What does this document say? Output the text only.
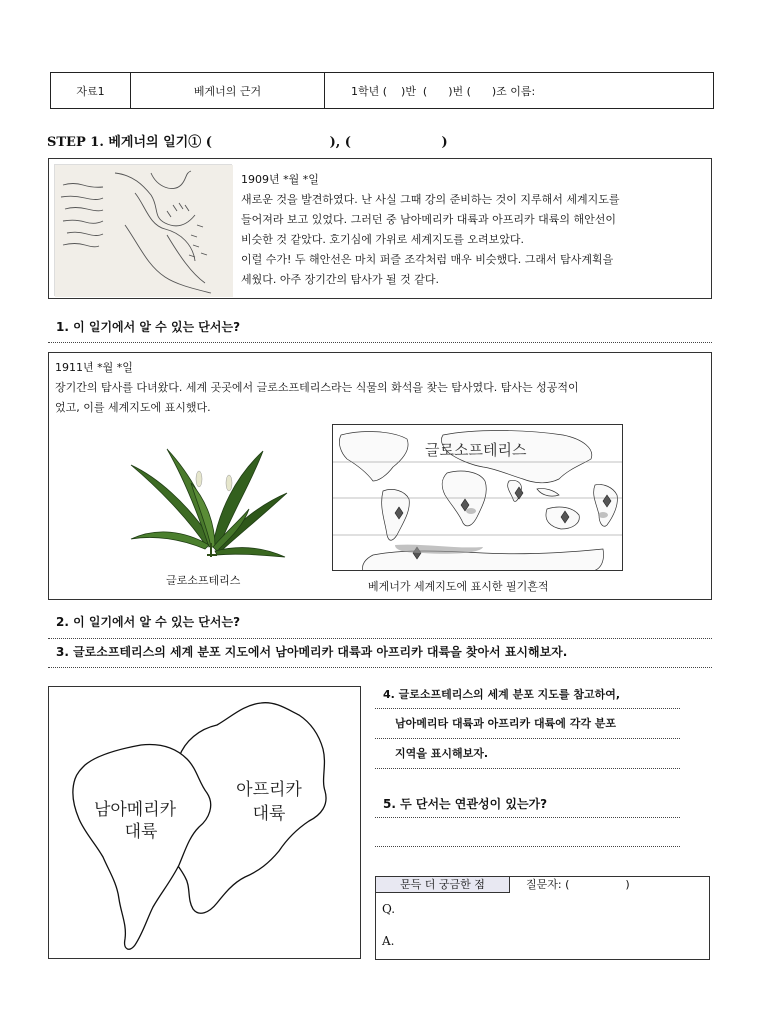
자료1	베게너의 근거	1학년 (    )반  (      )번 (      )조 이름:
STEP 1. 베게너의 일기① (                          ), (                    )

1909년 *월 *일

새로운 것을 발견하였다. 난 사실 그때 강의 준비하는 것이 지루해서 세계지도를

들어져라 보고 있었다. 그러던 중 남아메리카 대륙과 아프리카 대륙의 해안선이

비슷한 것 같았다. 호기심에 가위로 세계지도를 오려보았다.

이럴 수가! 두 해안선은 마치 퍼즐 조각처럼 매우 비슷했다. 그래서 탐사계획을

세웠다. 아주 장기간의 탐사가 될 것 같다.

1. 이 일기에서 알 수 있는 단서는?

1911년 *월 *일

장기간의 탐사를 다녀왔다. 세계 곳곳에서 글로소프테리스라는 식물의 화석을 찾는 탐사였다. 탐사는 성공적이

었고, 이를 세계지도에 표시했다.

글로소프테리스
글로소프테리스
베게너가 세계지도에 표시한 필기흔적
2. 이 일기에서 알 수 있는 단서는?
3. 글로소프테리스의 세계 분포 지도에서 남아메리카 대륙과 아프리카 대륙을 찾아서 표시해보자.
남아메리카
대륙
아프리카
대륙
4. 글로소프테리스의 세계 분포 지도를 참고하여,
남아메리타 대륙과 아프리카 대륙에 각각 분포
지역을 표시해보자.
5. 두 단서는 연관성이 있는가?
문득 더 궁금한 점	질문자: (                )
Q.
A.
